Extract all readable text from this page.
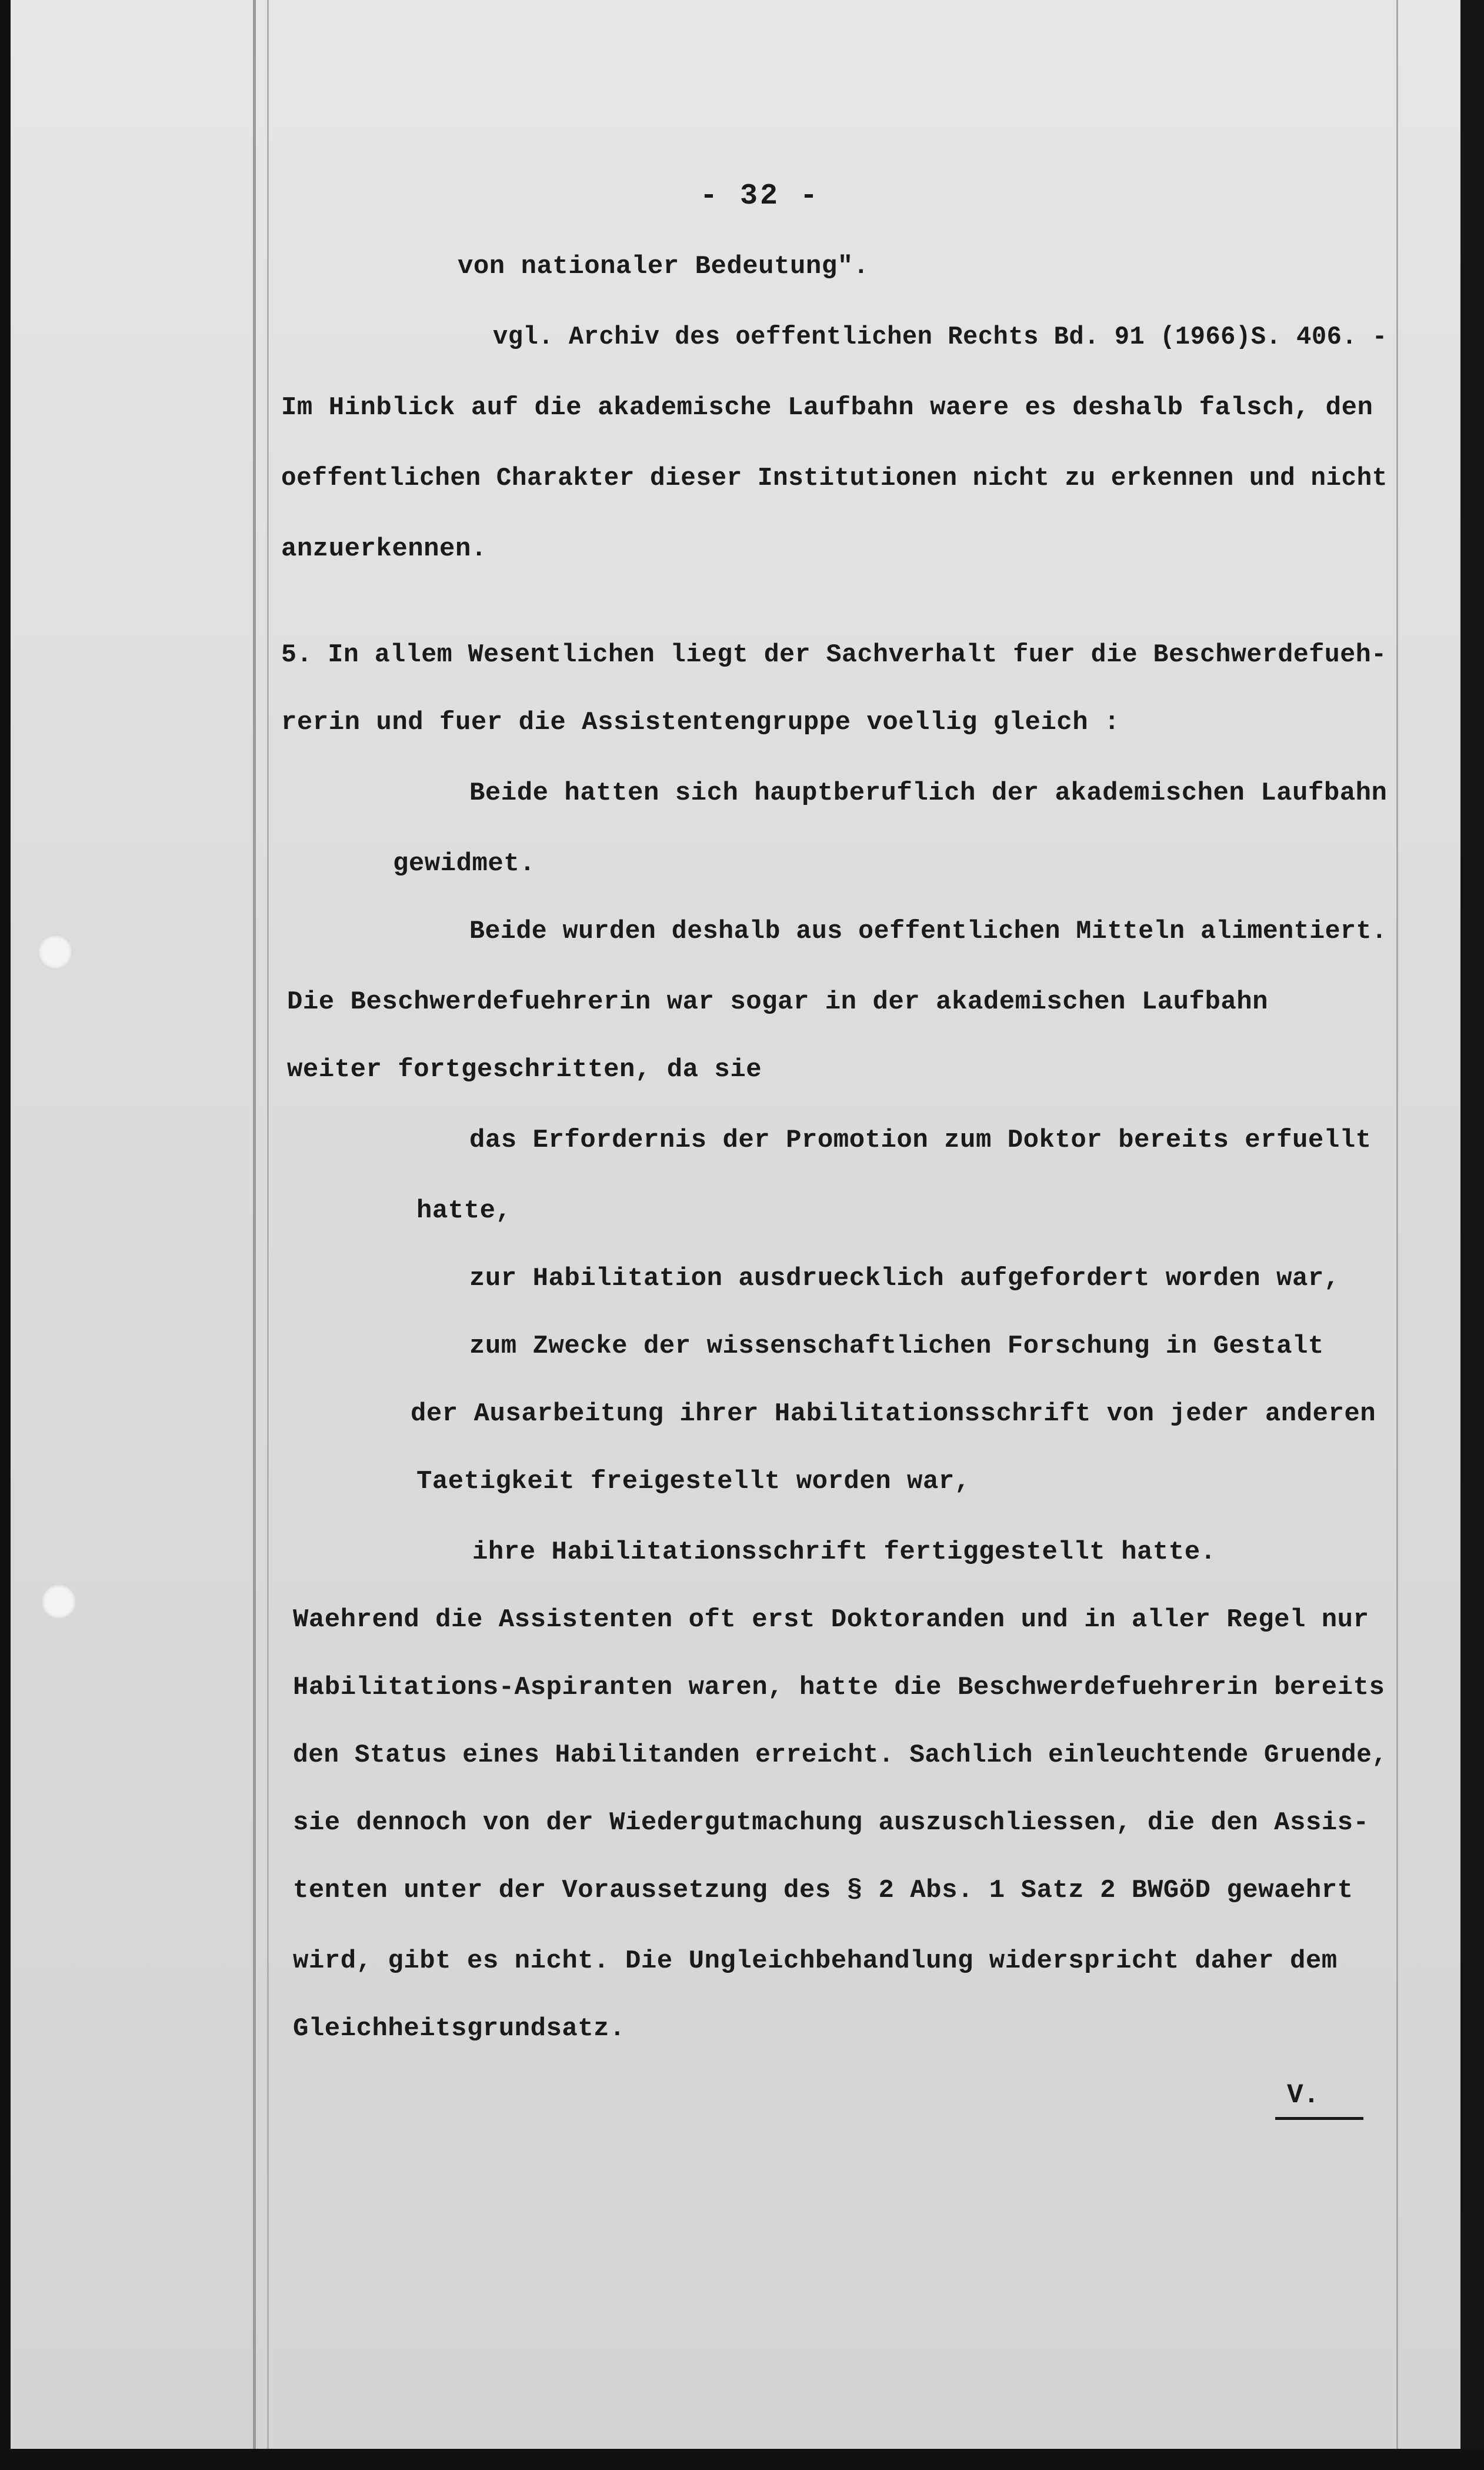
- 32 -
von nationaler Bedeutung".
vgl. Archiv des oeffentlichen Rechts Bd. 91 (1966)S. 406. -
Im Hinblick auf die akademische Laufbahn waere es deshalb falsch, den
oeffentlichen Charakter dieser Institutionen nicht zu erkennen und nicht
anzuerkennen.
5. In allem Wesentlichen liegt der Sachverhalt fuer die Beschwerdefueh-
rerin und fuer die Assistentengruppe voellig gleich :
Beide hatten sich hauptberuflich der akademischen Laufbahn
gewidmet.
Beide wurden deshalb aus oeffentlichen Mitteln alimentiert.
Die Beschwerdefuehrerin war sogar in der akademischen Laufbahn
weiter fortgeschritten, da sie
das Erfordernis der Promotion zum Doktor bereits erfuellt
hatte,
zur Habilitation ausdruecklich aufgefordert worden war,
zum Zwecke der wissenschaftlichen Forschung in Gestalt
der Ausarbeitung ihrer Habilitationsschrift von jeder anderen
Taetigkeit freigestellt worden war,
ihre Habilitationsschrift fertiggestellt hatte.
Waehrend die Assistenten oft erst Doktoranden und in aller Regel nur
Habilitations-Aspiranten waren, hatte die Beschwerdefuehrerin bereits
den Status eines Habilitanden erreicht. Sachlich einleuchtende Gruende,
sie dennoch von der Wiedergutmachung auszuschliessen, die den Assis-
tenten unter der Voraussetzung des § 2 Abs. 1 Satz 2 BWGöD gewaehrt
wird, gibt es nicht. Die Ungleichbehandlung widerspricht daher dem
Gleichheitsgrundsatz.
V.
